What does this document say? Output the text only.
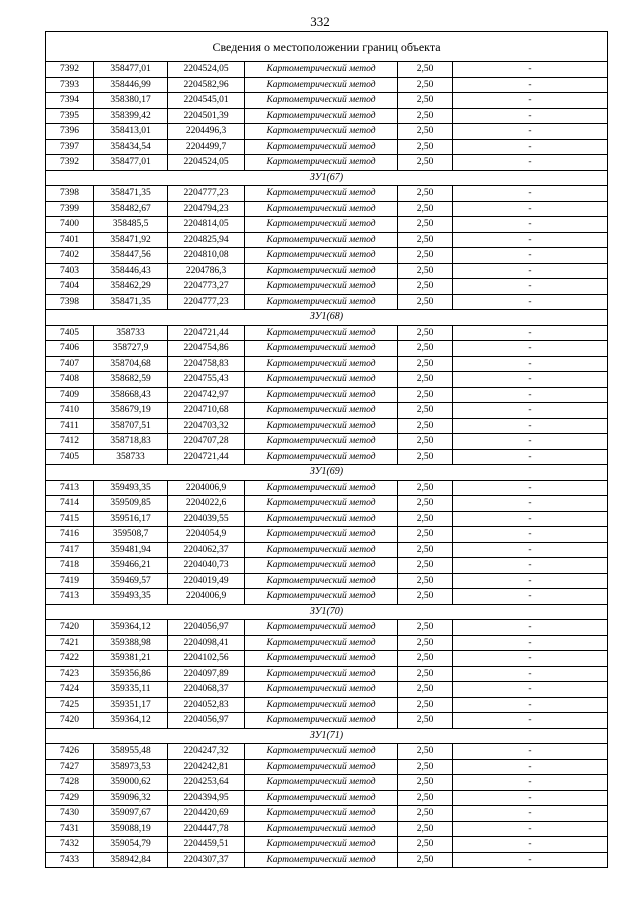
332
Сведения о местоположении границ объекта					
7392	358477,01	2204524,05	Картометрический метод	2,50	-
7393	358446,99	2204582,96	Картометрический метод	2,50	-
7394	358380,17	2204545,01	Картометрический метод	2,50	-
7395	358399,42	2204501,39	Картометрический метод	2,50	-
7396	358413,01	2204496,3	Картометрический метод	2,50	-
7397	358434,54	2204499,7	Картометрический метод	2,50	-
7392	358477,01	2204524,05	Картометрический метод	2,50	-
ЗУ1(67)					
7398	358471,35	2204777,23	Картометрический метод	2,50	-
7399	358482,67	2204794,23	Картометрический метод	2,50	-
7400	358485,5	2204814,05	Картометрический метод	2,50	-
7401	358471,92	2204825,94	Картометрический метод	2,50	-
7402	358447,56	2204810,08	Картометрический метод	2,50	-
7403	358446,43	2204786,3	Картометрический метод	2,50	-
7404	358462,29	2204773,27	Картометрический метод	2,50	-
7398	358471,35	2204777,23	Картометрический метод	2,50	-
ЗУ1(68)					
7405	358733	2204721,44	Картометрический метод	2,50	-
7406	358727,9	2204754,86	Картометрический метод	2,50	-
7407	358704,68	2204758,83	Картометрический метод	2,50	-
7408	358682,59	2204755,43	Картометрический метод	2,50	-
7409	358668,43	2204742,97	Картометрический метод	2,50	-
7410	358679,19	2204710,68	Картометрический метод	2,50	-
7411	358707,51	2204703,32	Картометрический метод	2,50	-
7412	358718,83	2204707,28	Картометрический метод	2,50	-
7405	358733	2204721,44	Картометрический метод	2,50	-
ЗУ1(69)					
7413	359493,35	2204006,9	Картометрический метод	2,50	-
7414	359509,85	2204022,6	Картометрический метод	2,50	-
7415	359516,17	2204039,55	Картометрический метод	2,50	-
7416	359508,7	2204054,9	Картометрический метод	2,50	-
7417	359481,94	2204062,37	Картометрический метод	2,50	-
7418	359466,21	2204040,73	Картометрический метод	2,50	-
7419	359469,57	2204019,49	Картометрический метод	2,50	-
7413	359493,35	2204006,9	Картометрический метод	2,50	-
ЗУ1(70)					
7420	359364,12	2204056,97	Картометрический метод	2,50	-
7421	359388,98	2204098,41	Картометрический метод	2,50	-
7422	359381,21	2204102,56	Картометрический метод	2,50	-
7423	359356,86	2204097,89	Картометрический метод	2,50	-
7424	359335,11	2204068,37	Картометрический метод	2,50	-
7425	359351,17	2204052,83	Картометрический метод	2,50	-
7420	359364,12	2204056,97	Картометрический метод	2,50	-
ЗУ1(71)					
7426	358955,48	2204247,32	Картометрический метод	2,50	-
7427	358973,53	2204242,81	Картометрический метод	2,50	-
7428	359000,62	2204253,64	Картометрический метод	2,50	-
7429	359096,32	2204394,95	Картометрический метод	2,50	-
7430	359097,67	2204420,69	Картометрический метод	2,50	-
7431	359088,19	2204447,78	Картометрический метод	2,50	-
7432	359054,79	2204459,51	Картометрический метод	2,50	-
7433	358942,84	2204307,37	Картометрический метод	2,50	-
